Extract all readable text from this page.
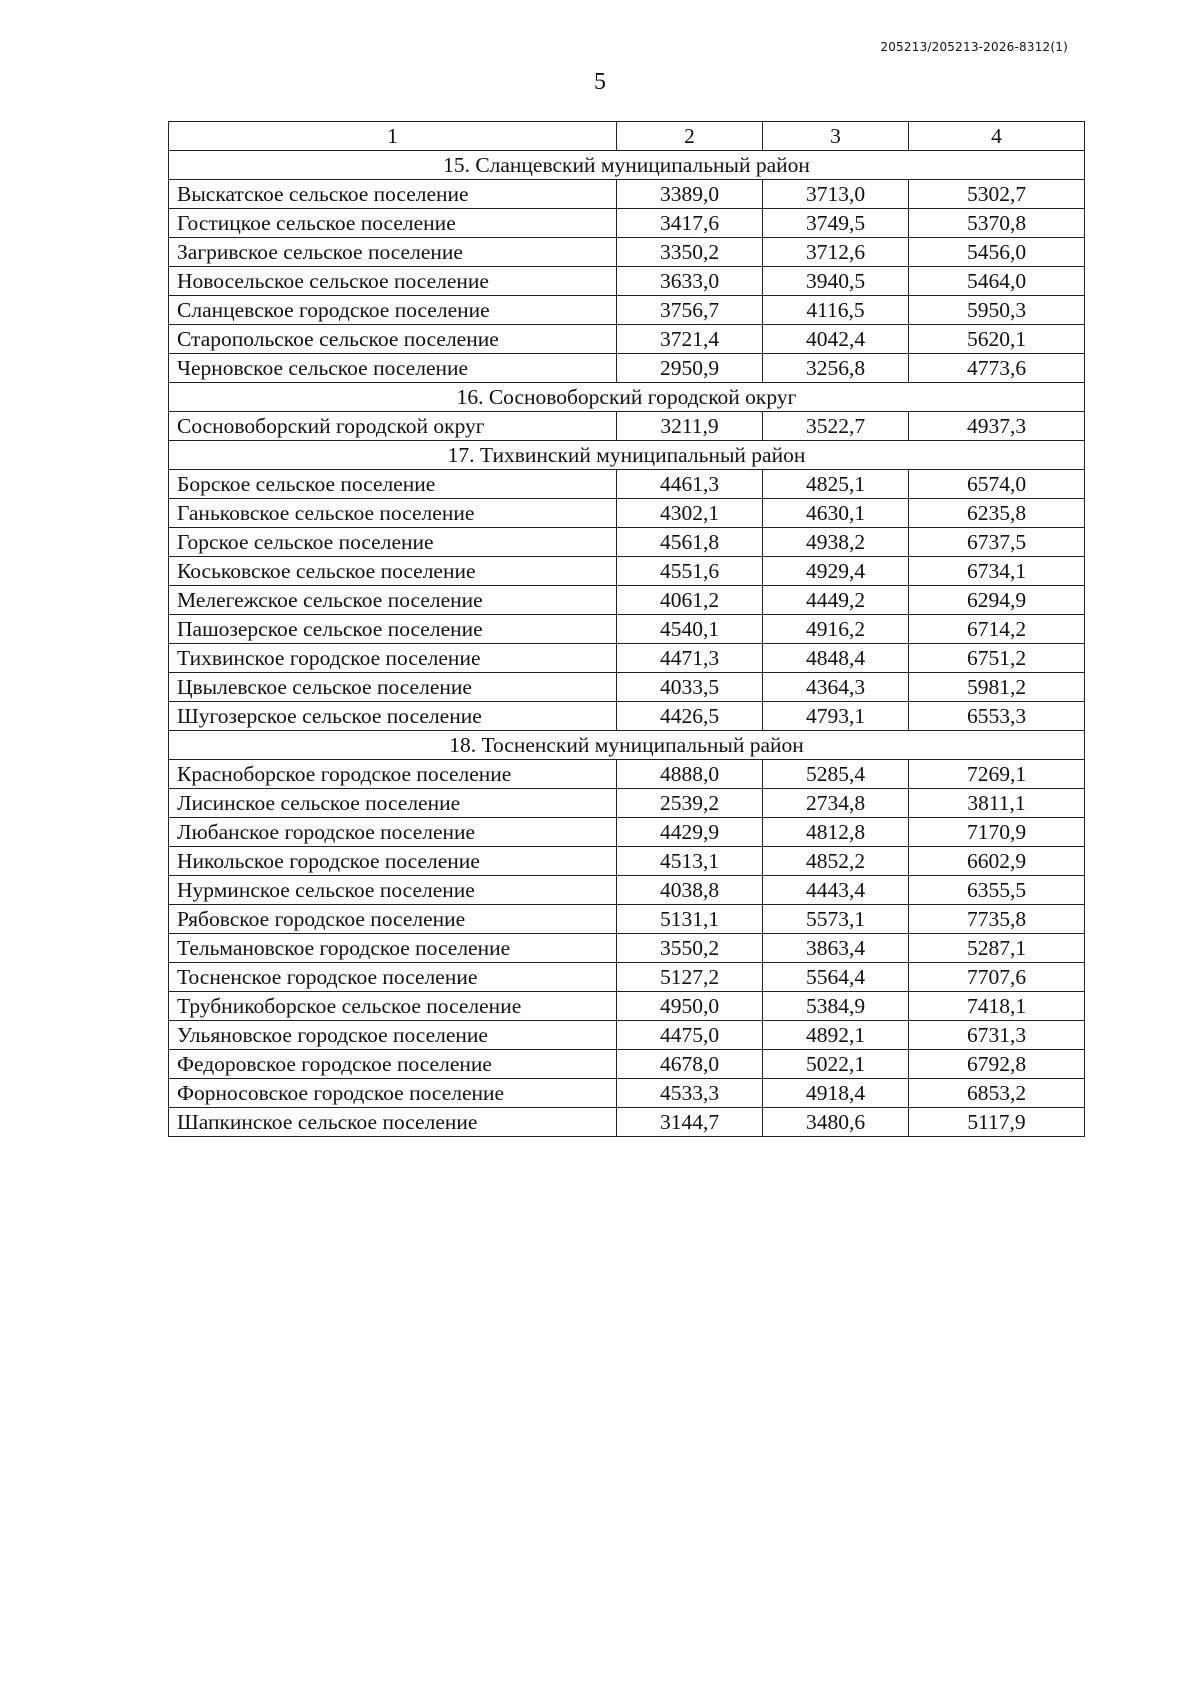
205213/205213-2026-8312(1)
5
1	2	3	4
15. Сланцевский муниципальный район			
Выскатское сельское поселение	3389,0	3713,0	5302,7
Гостицкое сельское поселение	3417,6	3749,5	5370,8
Загривское сельское поселение	3350,2	3712,6	5456,0
Новосельское сельское поселение	3633,0	3940,5	5464,0
Сланцевское городское поселение	3756,7	4116,5	5950,3
Старопольское сельское поселение	3721,4	4042,4	5620,1
Черновское сельское поселение	2950,9	3256,8	4773,6
16. Сосновоборский городской округ			
Сосновоборский городской округ	3211,9	3522,7	4937,3
17. Тихвинский муниципальный район			
Борское сельское поселение	4461,3	4825,1	6574,0
Ганьковское сельское поселение	4302,1	4630,1	6235,8
Горское сельское поселение	4561,8	4938,2	6737,5
Коськовское сельское поселение	4551,6	4929,4	6734,1
Мелегежское сельское поселение	4061,2	4449,2	6294,9
Пашозерское сельское поселение	4540,1	4916,2	6714,2
Тихвинское городское поселение	4471,3	4848,4	6751,2
Цвылевское сельское поселение	4033,5	4364,3	5981,2
Шугозерское сельское поселение	4426,5	4793,1	6553,3
18. Тосненский муниципальный район			
Красноборское городское поселение	4888,0	5285,4	7269,1
Лисинское сельское поселение	2539,2	2734,8	3811,1
Любанское городское поселение	4429,9	4812,8	7170,9
Никольское городское поселение	4513,1	4852,2	6602,9
Нурминское сельское поселение	4038,8	4443,4	6355,5
Рябовское городское поселение	5131,1	5573,1	7735,8
Тельмановское городское поселение	3550,2	3863,4	5287,1
Тосненское городское поселение	5127,2	5564,4	7707,6
Трубникоборское сельское поселение	4950,0	5384,9	7418,1
Ульяновское городское поселение	4475,0	4892,1	6731,3
Федоровское городское поселение	4678,0	5022,1	6792,8
Форносовское городское поселение	4533,3	4918,4	6853,2
Шапкинское сельское поселение	3144,7	3480,6	5117,9
